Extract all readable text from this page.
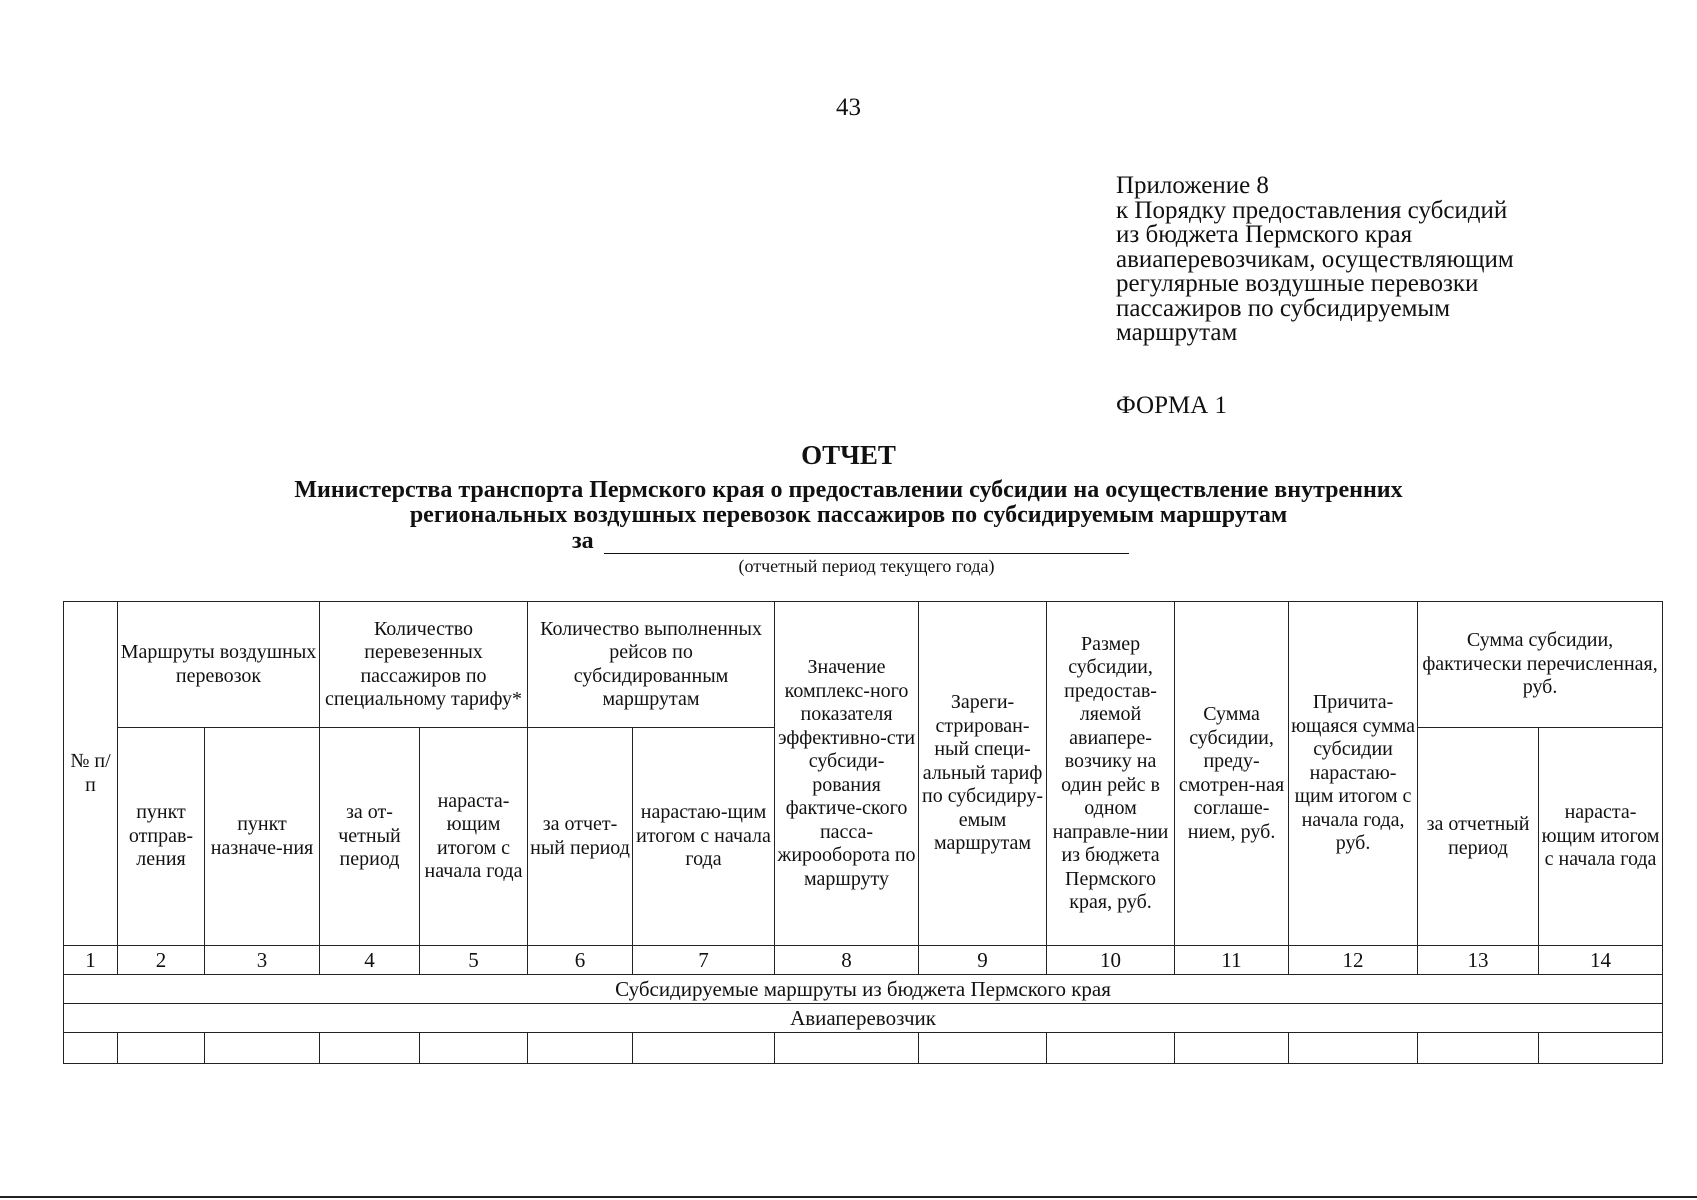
43
Приложение 8
к Порядку предоставления субсидий
из бюджета Пермского края
авиаперевозчикам, осуществляющим
регулярные воздушные перевозки
пассажиров по субсидируемым
маршрутам
ФОРМА 1
ОТЧЕТ
Министерства транспорта Пермского края о предоставлении субсидии на осуществление внутренних
региональных воздушных перевозок пассажиров по субсидируемым маршрутам
за
(отчетный период текущего года)
№ п/п	Маршруты воздушных перевозок		Количество перевезенных пассажиров по специальному тарифу*		Количество выполненных рейсов по субсидированным маршрутам		Значение комплекс-ного показателя эффективно-сти субсиди-рования фактиче-ского пасса-жирооборота по маршруту	Зареги-стрирован-ный специ-альный тариф по субсидиру-емым маршрутам	Размер субсидии, предостав-ляемой авиапере-возчику на один рейс в одном направле-нии из бюджета Пермского края, руб.	Сумма субсидии, преду-смотрен-ная соглаше-нием, руб.	Причита-ющаяся сумма субсидии нарастаю-щим итогом с начала года, руб.	Сумма субсидии, фактически перечисленная, руб.	
	пункт отправ-ления	пункт назначе-ния	за от-четный период	нараста-ющим итогом с начала года	за отчет-ный период	нарастаю-щим итогом с начала года						за отчетный период	нараста-ющим итогом с начала года
1	2	3	4	5	6	7	8	9	10	11	12	13	14
Субсидируемые маршруты из бюджета Пермского края													
Авиаперевозчик													
